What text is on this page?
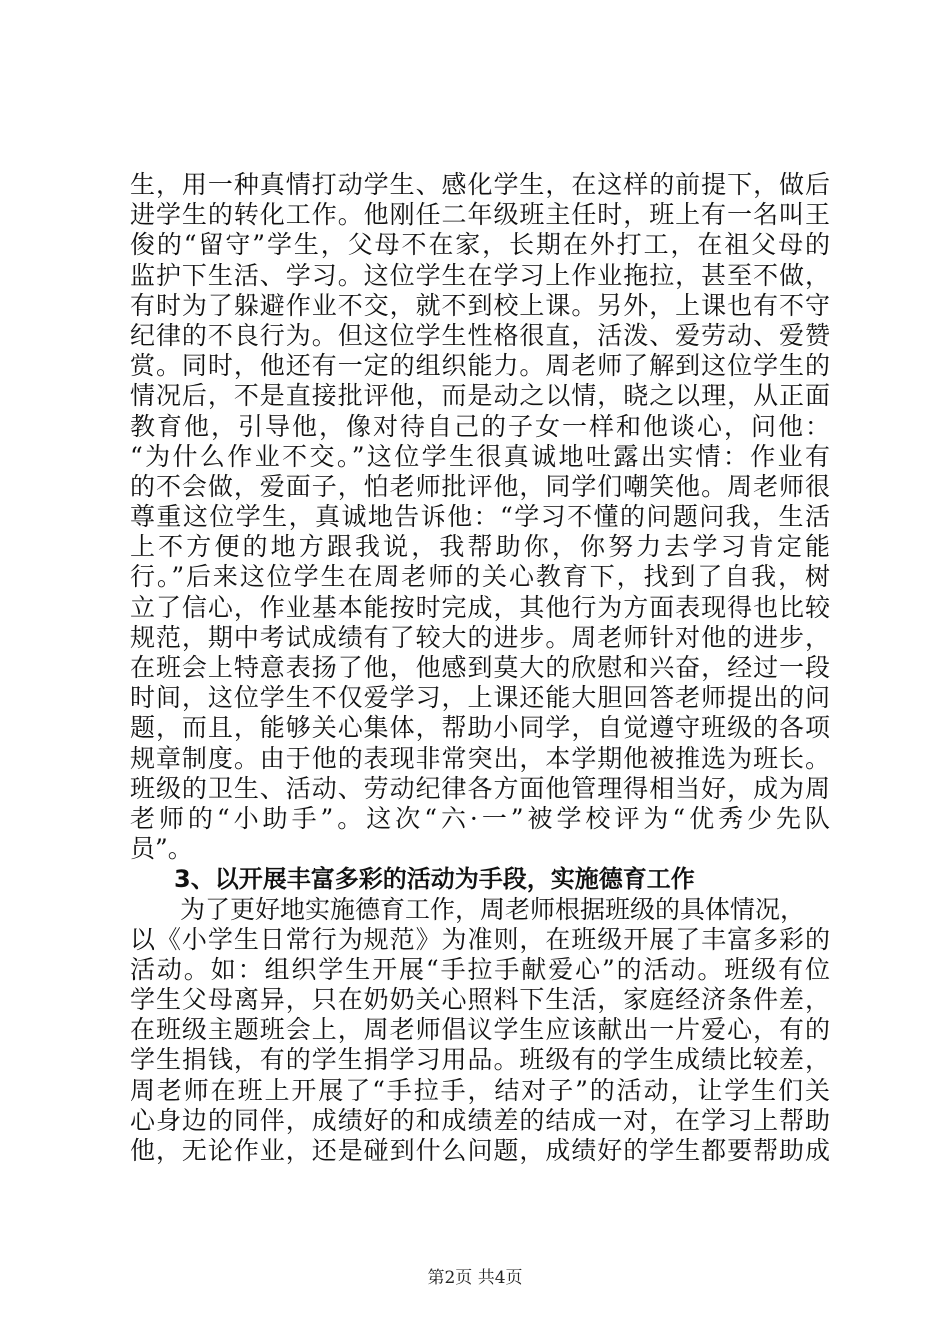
生，用一种真情打动学生、感化学生，在这样的前提下，做后
进学生的转化工作。他刚任二年级班主任时，班上有一名叫王
俊的“留守”学生，父母不在家，长期在外打工，在祖父母的
监护下生活、学习。这位学生在学习上作业拖拉，甚至不做，
有时为了躲避作业不交，就不到校上课。另外，上课也有不守
纪律的不良行为。但这位学生性格很直，活泼、爱劳动、爱赞
赏。同时，他还有一定的组织能力。周老师了解到这位学生的
情况后，不是直接批评他，而是动之以情，晓之以理，从正面
教育他，引导他，像对待自己的子女一样和他谈心，问他：
“为什么作业不交。”这位学生很真诚地吐露出实情：作业有
的不会做，爱面子，怕老师批评他，同学们嘲笑他。周老师很
尊重这位学生，真诚地告诉他：“学习不懂的问题问我，生活
上不方便的地方跟我说，我帮助你，你努力去学习肯定能
行。”后来这位学生在周老师的关心教育下，找到了自我，树
立了信心，作业基本能按时完成，其他行为方面表现得也比较
规范，期中考试成绩有了较大的进步。周老师针对他的进步，
在班会上特意表扬了他，他感到莫大的欣慰和兴奋，经过一段
时间，这位学生不仅爱学习，上课还能大胆回答老师提出的问
题，而且，能够关心集体，帮助小同学，自觉遵守班级的各项
规章制度。由于他的表现非常突出，本学期他被推选为班长。
班级的卫生、活动、劳动纪律各方面他管理得相当好，成为周
老师的“小助手”。这次“六·一”被学校评为“优秀少先队
员”。
3、以开展丰富多彩的活动为手段，实施德育工作
为了更好地实施德育工作，周老师根据班级的具体情况，
以《小学生日常行为规范》为准则，在班级开展了丰富多彩的
活动。如：组织学生开展“手拉手献爱心”的活动。班级有位
学生父母离异，只在奶奶关心照料下生活，家庭经济条件差，
在班级主题班会上，周老师倡议学生应该献出一片爱心，有的
学生捐钱，有的学生捐学习用品。班级有的学生成绩比较差，
周老师在班上开展了“手拉手，结对子”的活动，让学生们关
心身边的同伴，成绩好的和成绩差的结成一对，在学习上帮助
他，无论作业，还是碰到什么问题，成绩好的学生都要帮助成
第2页 共4页
